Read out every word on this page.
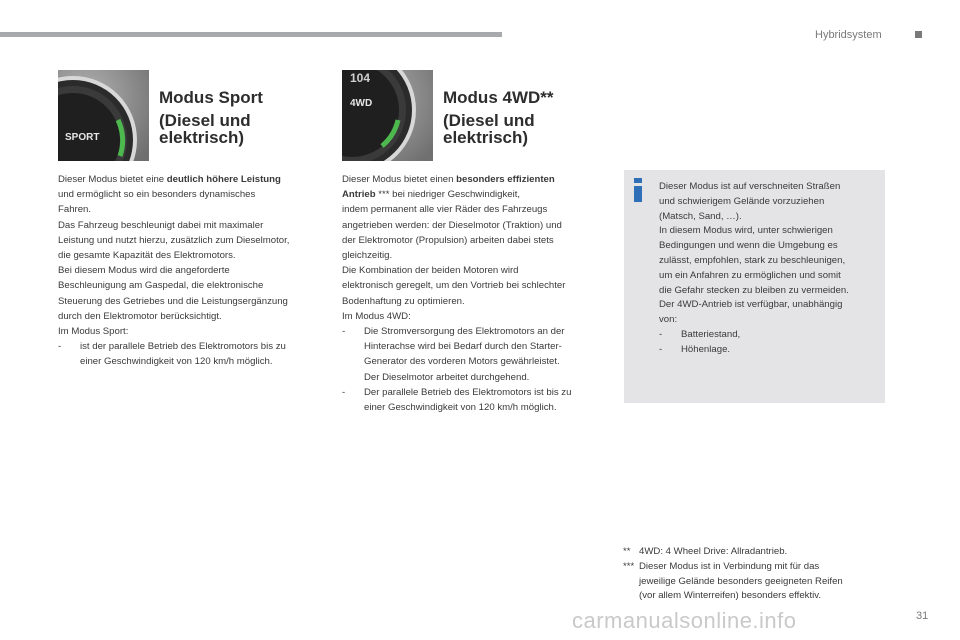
Hybridsystem
SPORT
104
4WD
Modus Sport
(Diesel und
elektrisch)
Modus 4WD**
(Diesel und
elektrisch)

Dieser Modus bietet eine deutlich höhere Leistung

und ermöglicht so ein besonders dynamisches

Fahren.

Das Fahrzeug beschleunigt dabei mit maximaler

Leistung und nutzt hierzu, zusätzlich zum Dieselmotor,

die gesamte Kapazität des Elektromotors.

Bei diesem Modus wird die angeforderte

Beschleunigung am Gaspedal, die elektronische

Steuerung des Getriebes und die Leistungsergänzung

durch den Elektromotor berücksichtigt.

Im Modus Sport:

-	ist der parallele Betrieb des Elektromotors bis zu

einer Geschwindigkeit von 120 km/h möglich.

Dieser Modus bietet einen besonders effizienten

Antrieb *** bei niedriger Geschwindigkeit,

indem permanent alle vier Räder des Fahrzeugs

angetrieben werden: der Dieselmotor (Traktion) und

der Elektromotor (Propulsion) arbeiten dabei stets

gleichzeitig.

Die Kombination der beiden Motoren wird

elektronisch geregelt, um den Vortrieb bei schlechter

Bodenhaftung zu optimieren.

Im Modus 4WD:

-	Die Stromversorgung des Elektromotors an der

Hinterachse wird bei Bedarf durch den Starter-

Generator des vorderen Motors gewährleistet.

Der Dieselmotor arbeitet durchgehend.

-	Der parallele Betrieb des Elektromotors ist bis zu

einer Geschwindigkeit von 120 km/h möglich.

Dieser Modus ist auf verschneiten Straßen

und schwierigem Gelände vorzuziehen

(Matsch, Sand, …).

In diesem Modus wird, unter schwierigen

Bedingungen und wenn die Umgebung es

zulässt, empfohlen, stark zu beschleunigen,

um ein Anfahren zu ermöglichen und somit

die Gefahr stecken zu bleiben zu vermeiden.

Der 4WD-Antrieb ist verfügbar, unabhängig

von:

-	Batteriestand,
-	Höhenlage.
** 4WD: 4 Wheel Drive: Allradantrieb.
*** Dieser Modus ist in Verbindung mit für das

jeweilige Gelände besonders geeigneten Reifen

(vor allem Winterreifen) besonders effektiv.

carmanualsonline.info	31
